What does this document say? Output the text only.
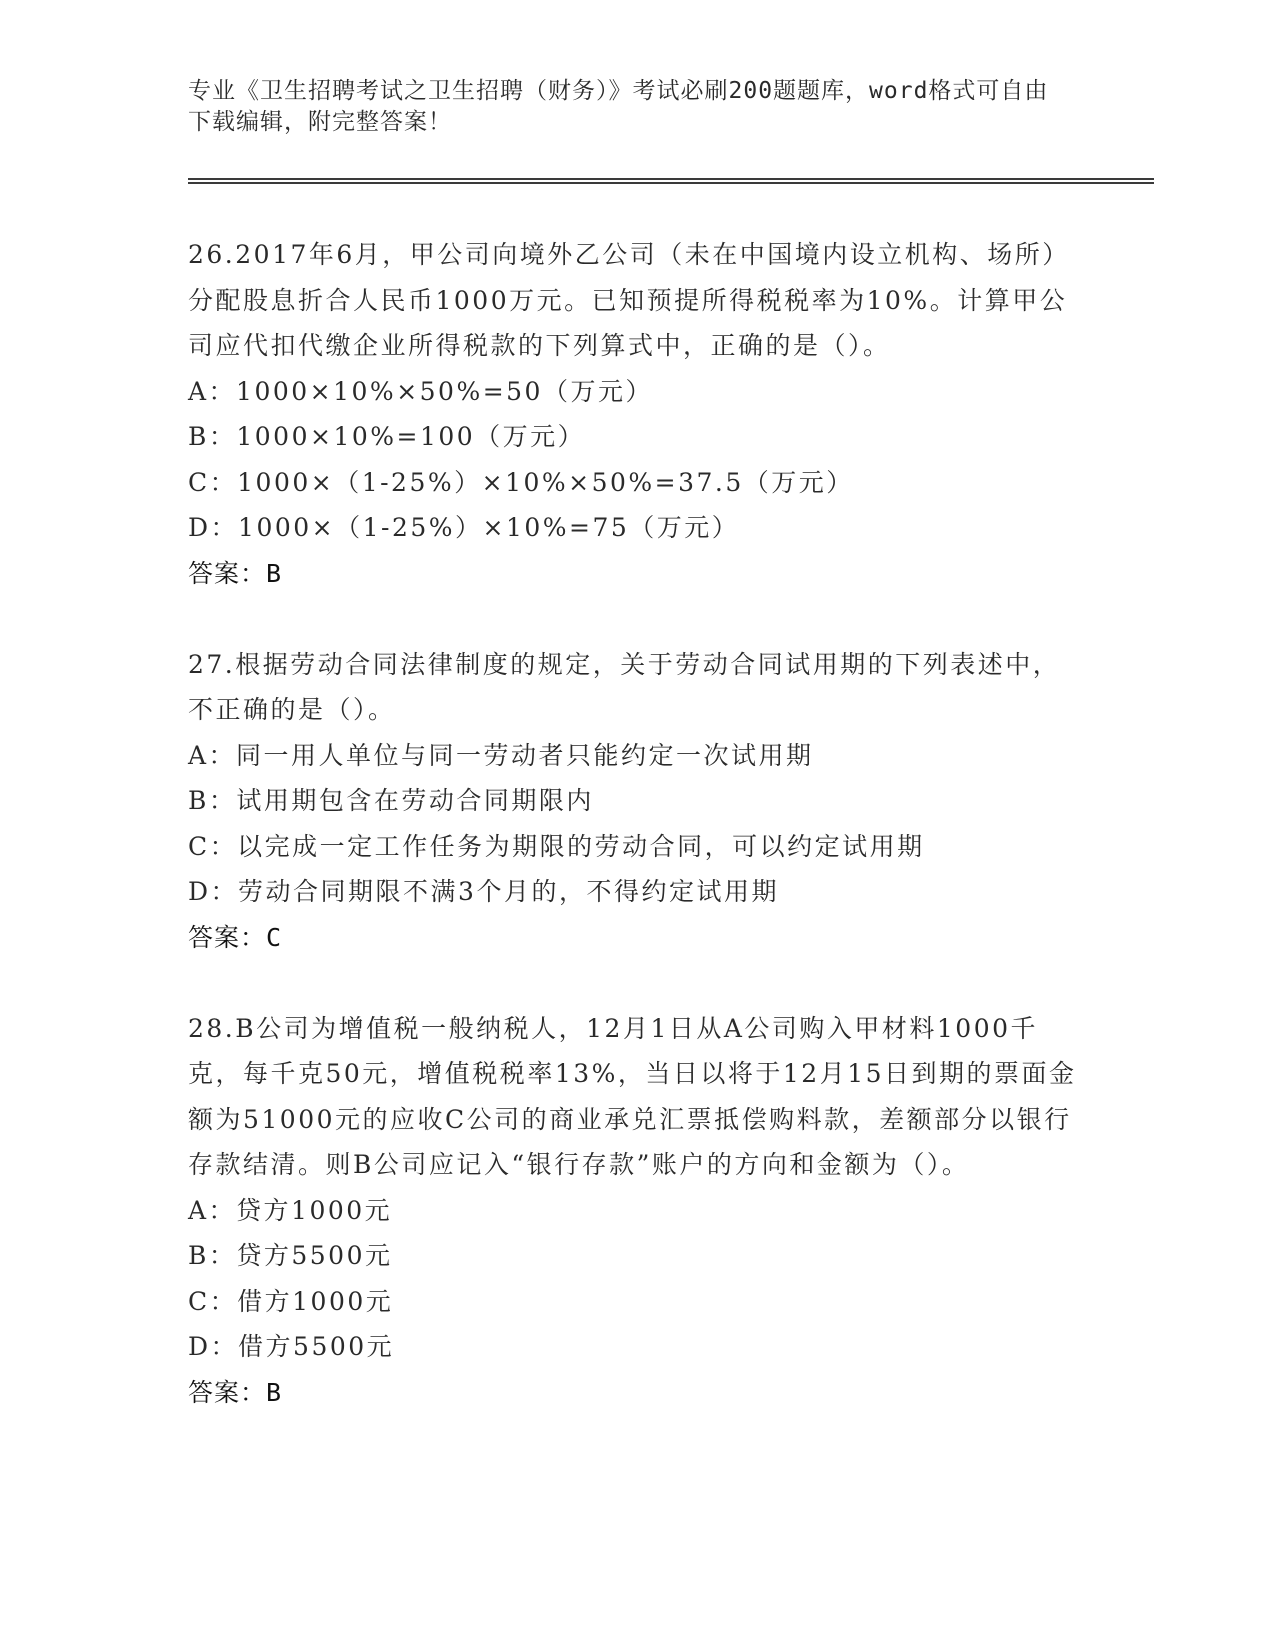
专业《卫生招聘考试之卫生招聘（财务）》考试必刷200题题库，word格式可自由下载编辑，附完整答案！
26.2017年6月，甲公司向境外乙公司（未在中国境内设立机构、场所）分配股息折合人民币1000万元。已知预提所得税税率为10%。计算甲公司应代扣代缴企业所得税款的下列算式中，正确的是（）。
A：1000×10%×50%=50（万元）
B：1000×10%=100（万元）
C：1000×（1-25%）×10%×50%=37.5（万元）
D：1000×（1-25%）×10%=75（万元）
答案：B
27.根据劳动合同法律制度的规定，关于劳动合同试用期的下列表述中，不正确的是（）。
A：同一用人单位与同一劳动者只能约定一次试用期
B：试用期包含在劳动合同期限内
C：以完成一定工作任务为期限的劳动合同，可以约定试用期
D：劳动合同期限不满3个月的，不得约定试用期
答案：C
28.B公司为增值税一般纳税人，12月1日从A公司购入甲材料1000千克，每千克50元，增值税税率13%，当日以将于12月15日到期的票面金额为51000元的应收C公司的商业承兑汇票抵偿购料款，差额部分以银行存款结清。则B公司应记入“银行存款”账户的方向和金额为（）。
A：贷方1000元
B：贷方5500元
C：借方1000元
D：借方5500元
答案：B
